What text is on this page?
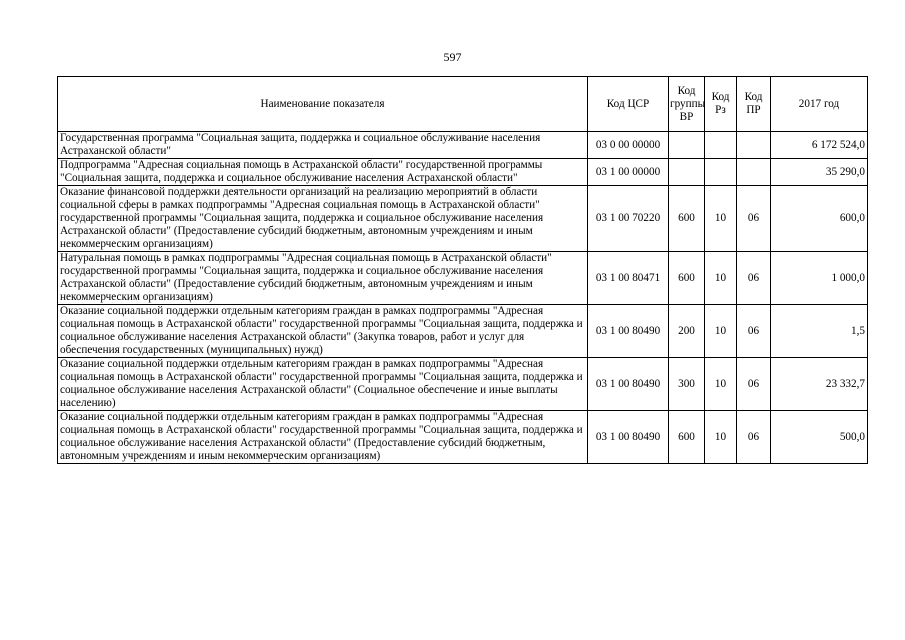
597
Наименование показателя	Код ЦСР	Код группы ВР	Код Рз	Код ПР	2017 год
Государственная программа "Социальная защита, поддержка и социальное обслуживание населения Астраханской области"	03 0 00 00000				6 172 524,0
Подпрограмма "Адресная социальная помощь в Астраханской области" государственной программы "Социальная защита, поддержка и социальное обслуживание населения Астраханской области"	03 1 00 00000				35 290,0
Оказание финансовой поддержки деятельности организаций на реализацию мероприятий в области социальной сферы в рамках подпрограммы "Адресная социальная помощь в Астраханской области" государственной программы "Социальная защита, поддержка и социальное обслуживание населения Астраханской области" (Предоставление субсидий бюджетным, автономным учреждениям и иным некоммерческим организациям)	03 1 00 70220	600	10	06	600,0
Натуральная помощь в рамках подпрограммы "Адресная социальная помощь в Астраханской области" государственной программы "Социальная защита, поддержка и социальное обслуживание населения Астраханской области" (Предоставление субсидий бюджетным, автономным учреждениям и иным некоммерческим организациям)	03 1 00 80471	600	10	06	1 000,0
Оказание социальной поддержки отдельным категориям граждан в рамках подпрограммы "Адресная социальная помощь в Астраханской области" государственной программы "Социальная защита, поддержка и социальное обслуживание населения Астраханской области" (Закупка товаров, работ и услуг для обеспечения государственных (муниципальных) нужд)	03 1 00 80490	200	10	06	1,5
Оказание социальной поддержки отдельным категориям граждан в рамках подпрограммы "Адресная социальная помощь в Астраханской области" государственной программы "Социальная защита, поддержка и социальное обслуживание населения Астраханской области" (Социальное обеспечение и иные выплаты населению)	03 1 00 80490	300	10	06	23 332,7
Оказание социальной поддержки отдельным категориям граждан в рамках подпрограммы "Адресная социальная помощь в Астраханской области" государственной программы "Социальная защита, поддержка и социальное обслуживание населения Астраханской области" (Предоставление субсидий бюджетным, автономным учреждениям и иным некоммерческим организациям)	03 1 00 80490	600	10	06	500,0
